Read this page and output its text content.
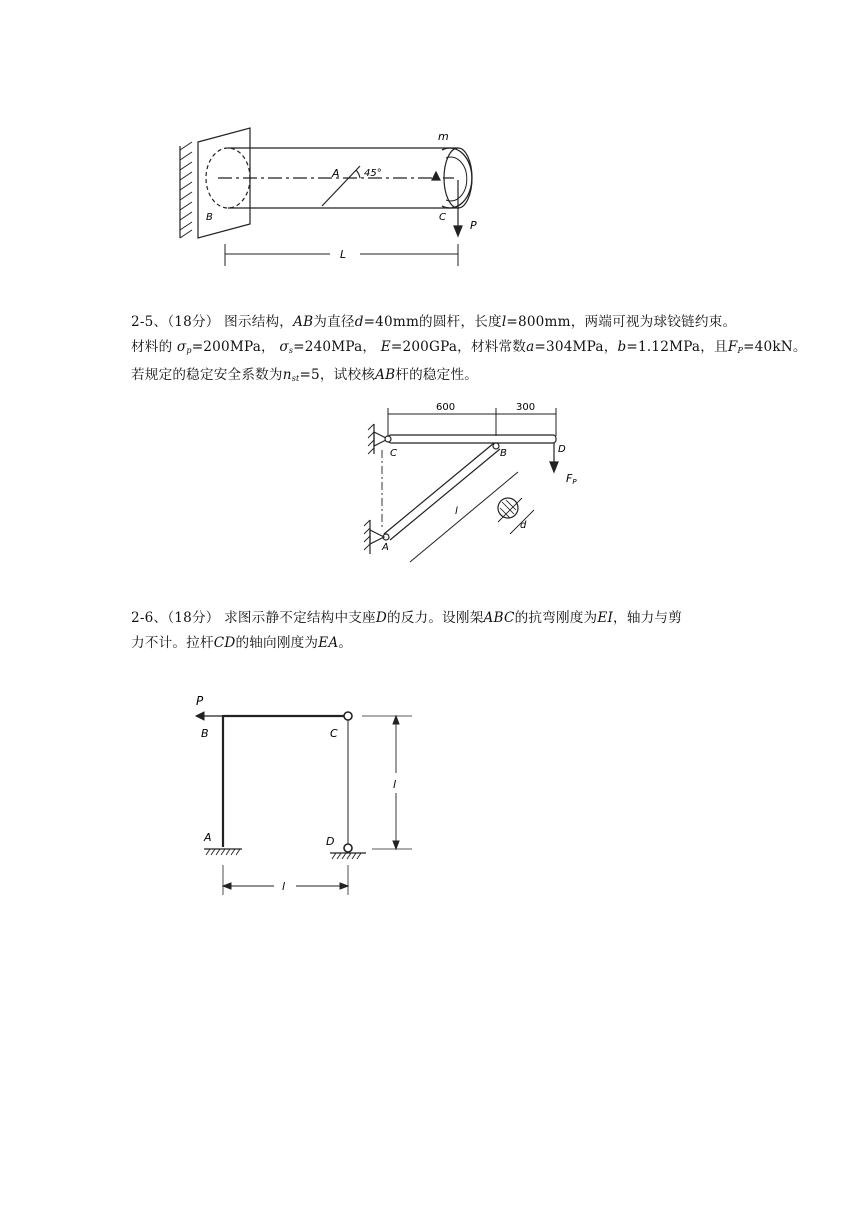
m
A 45°
B	C
P
L

2-5、（18分） 图示结构，AB为直径d=40mm的圆杆，长度l=800mm，两端可视为球铰链约束。

材料的 $\sigma_p=200MPa$， $\sigma_s=240MPa$， E=200GPa，材料常数a=304MPa，b=1.12MPa，且$F_P=40kN$。

若规定的稳定安全系数为$n_{st}=5$，试校核AB杆的稳定性。

600	300
C	B	D
FP
A
l
d

2-6、（18分） 求图示静不定结构中支座D的反力。设刚架ABC的抗弯刚度为EI，轴力与剪

力不计。拉杆CD的轴向刚度为EA。

P
B	C
l
A	D
l
